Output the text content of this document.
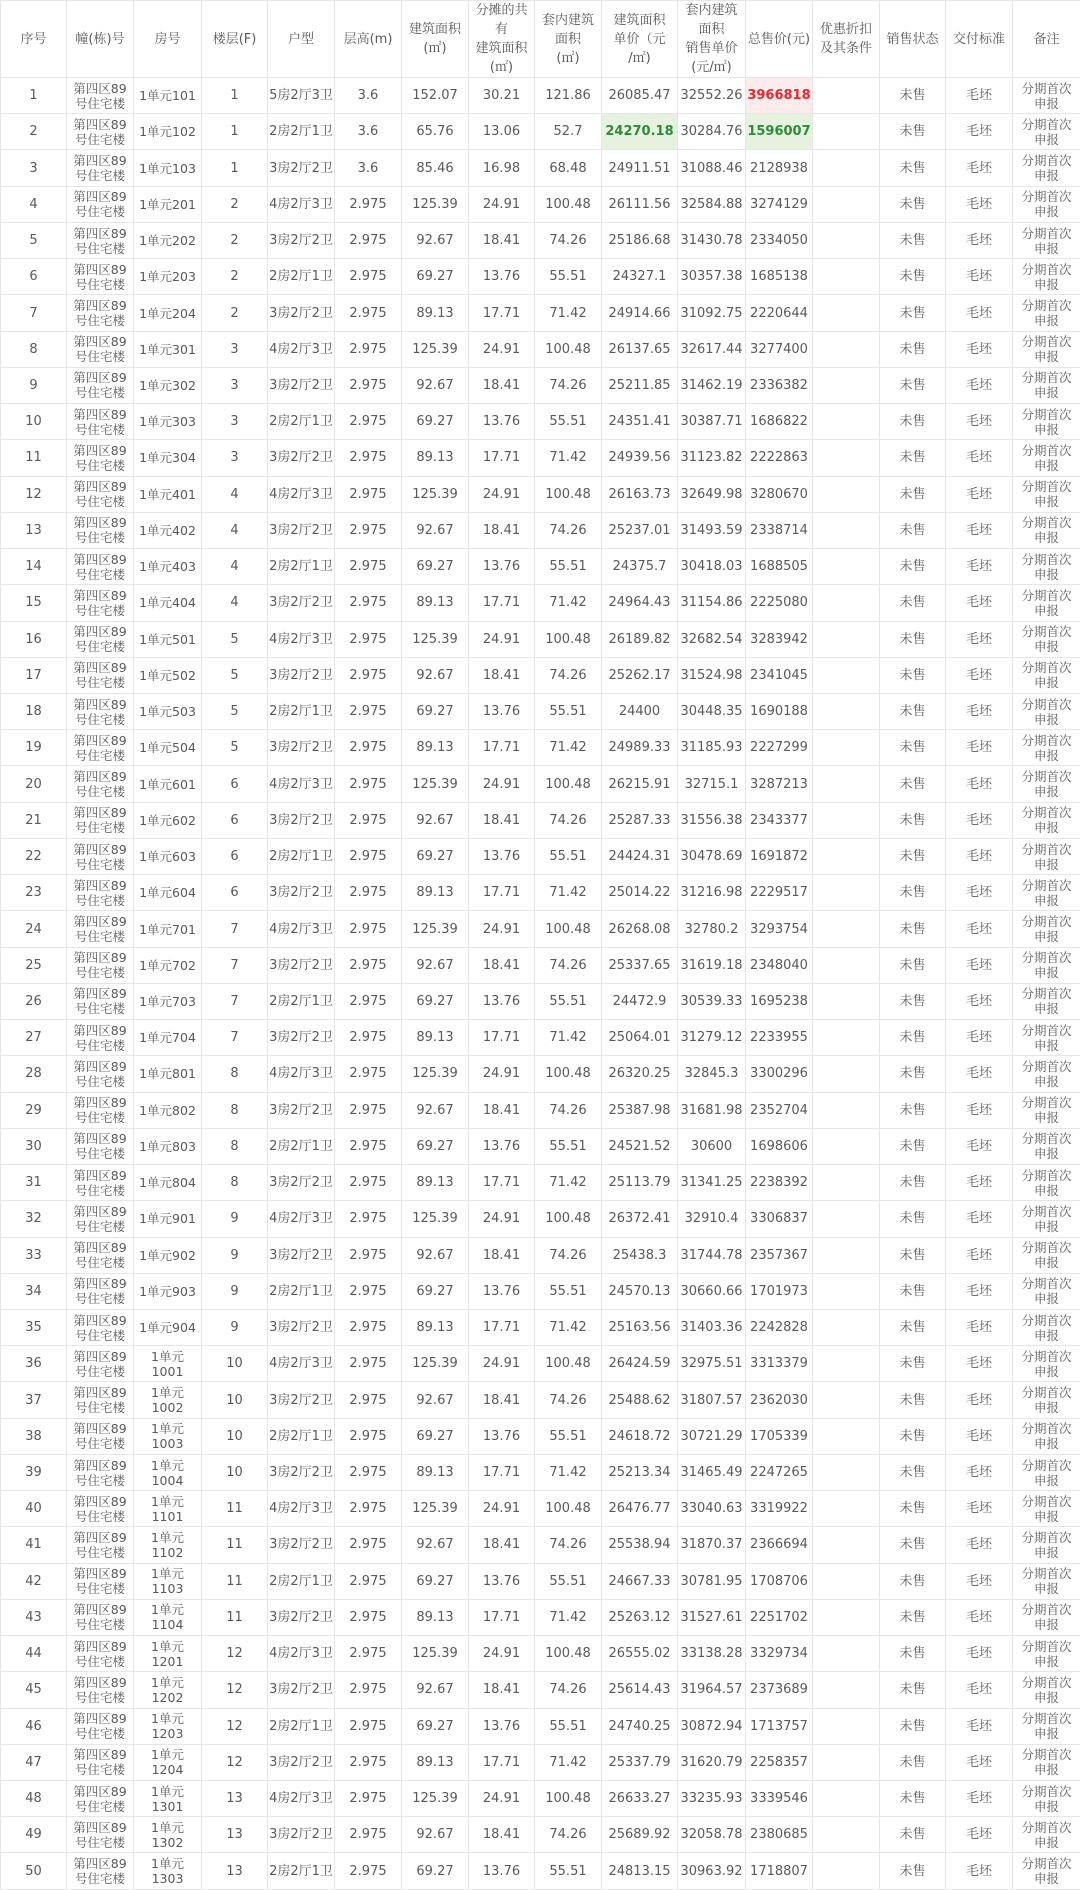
序号	幢(栋)号	房号	楼层(F)	户型	层高(m)	建筑面积
(㎡)	分摊的共
有
建筑面积
(㎡)	套内建筑
面积
(㎡)	建筑面积
单价（元
/㎡)	套内建筑
面积
销售单价
(元/㎡)	总售价(元)	优惠折扣
及其条件	销售状态	交付标准	备注
1	第四区89
号住宅楼	1单元101	1	5房2厅3卫	3.6	152.07	30.21	121.86	26085.47	32552.26	3966818		未售	毛坯	分期首次
申报
2	第四区89
号住宅楼	1单元102	1	2房2厅1卫	3.6	65.76	13.06	52.7	24270.18	30284.76	1596007		未售	毛坯	分期首次
申报
3	第四区89
号住宅楼	1单元103	1	3房2厅2卫	3.6	85.46	16.98	68.48	24911.51	31088.46	2128938		未售	毛坯	分期首次
申报
4	第四区89
号住宅楼	1单元201	2	4房2厅3卫	2.975	125.39	24.91	100.48	26111.56	32584.88	3274129		未售	毛坯	分期首次
申报
5	第四区89
号住宅楼	1单元202	2	3房2厅2卫	2.975	92.67	18.41	74.26	25186.68	31430.78	2334050		未售	毛坯	分期首次
申报
6	第四区89
号住宅楼	1单元203	2	2房2厅1卫	2.975	69.27	13.76	55.51	24327.1	30357.38	1685138		未售	毛坯	分期首次
申报
7	第四区89
号住宅楼	1单元204	2	3房2厅2卫	2.975	89.13	17.71	71.42	24914.66	31092.75	2220644		未售	毛坯	分期首次
申报
8	第四区89
号住宅楼	1单元301	3	4房2厅3卫	2.975	125.39	24.91	100.48	26137.65	32617.44	3277400		未售	毛坯	分期首次
申报
9	第四区89
号住宅楼	1单元302	3	3房2厅2卫	2.975	92.67	18.41	74.26	25211.85	31462.19	2336382		未售	毛坯	分期首次
申报
10	第四区89
号住宅楼	1单元303	3	2房2厅1卫	2.975	69.27	13.76	55.51	24351.41	30387.71	1686822		未售	毛坯	分期首次
申报
11	第四区89
号住宅楼	1单元304	3	3房2厅2卫	2.975	89.13	17.71	71.42	24939.56	31123.82	2222863		未售	毛坯	分期首次
申报
12	第四区89
号住宅楼	1单元401	4	4房2厅3卫	2.975	125.39	24.91	100.48	26163.73	32649.98	3280670		未售	毛坯	分期首次
申报
13	第四区89
号住宅楼	1单元402	4	3房2厅2卫	2.975	92.67	18.41	74.26	25237.01	31493.59	2338714		未售	毛坯	分期首次
申报
14	第四区89
号住宅楼	1单元403	4	2房2厅1卫	2.975	69.27	13.76	55.51	24375.7	30418.03	1688505		未售	毛坯	分期首次
申报
15	第四区89
号住宅楼	1单元404	4	3房2厅2卫	2.975	89.13	17.71	71.42	24964.43	31154.86	2225080		未售	毛坯	分期首次
申报
16	第四区89
号住宅楼	1单元501	5	4房2厅3卫	2.975	125.39	24.91	100.48	26189.82	32682.54	3283942		未售	毛坯	分期首次
申报
17	第四区89
号住宅楼	1单元502	5	3房2厅2卫	2.975	92.67	18.41	74.26	25262.17	31524.98	2341045		未售	毛坯	分期首次
申报
18	第四区89
号住宅楼	1单元503	5	2房2厅1卫	2.975	69.27	13.76	55.51	24400	30448.35	1690188		未售	毛坯	分期首次
申报
19	第四区89
号住宅楼	1单元504	5	3房2厅2卫	2.975	89.13	17.71	71.42	24989.33	31185.93	2227299		未售	毛坯	分期首次
申报
20	第四区89
号住宅楼	1单元601	6	4房2厅3卫	2.975	125.39	24.91	100.48	26215.91	32715.1	3287213		未售	毛坯	分期首次
申报
21	第四区89
号住宅楼	1单元602	6	3房2厅2卫	2.975	92.67	18.41	74.26	25287.33	31556.38	2343377		未售	毛坯	分期首次
申报
22	第四区89
号住宅楼	1单元603	6	2房2厅1卫	2.975	69.27	13.76	55.51	24424.31	30478.69	1691872		未售	毛坯	分期首次
申报
23	第四区89
号住宅楼	1单元604	6	3房2厅2卫	2.975	89.13	17.71	71.42	25014.22	31216.98	2229517		未售	毛坯	分期首次
申报
24	第四区89
号住宅楼	1单元701	7	4房2厅3卫	2.975	125.39	24.91	100.48	26268.08	32780.2	3293754		未售	毛坯	分期首次
申报
25	第四区89
号住宅楼	1单元702	7	3房2厅2卫	2.975	92.67	18.41	74.26	25337.65	31619.18	2348040		未售	毛坯	分期首次
申报
26	第四区89
号住宅楼	1单元703	7	2房2厅1卫	2.975	69.27	13.76	55.51	24472.9	30539.33	1695238		未售	毛坯	分期首次
申报
27	第四区89
号住宅楼	1单元704	7	3房2厅2卫	2.975	89.13	17.71	71.42	25064.01	31279.12	2233955		未售	毛坯	分期首次
申报
28	第四区89
号住宅楼	1单元801	8	4房2厅3卫	2.975	125.39	24.91	100.48	26320.25	32845.3	3300296		未售	毛坯	分期首次
申报
29	第四区89
号住宅楼	1单元802	8	3房2厅2卫	2.975	92.67	18.41	74.26	25387.98	31681.98	2352704		未售	毛坯	分期首次
申报
30	第四区89
号住宅楼	1单元803	8	2房2厅1卫	2.975	69.27	13.76	55.51	24521.52	30600	1698606		未售	毛坯	分期首次
申报
31	第四区89
号住宅楼	1单元804	8	3房2厅2卫	2.975	89.13	17.71	71.42	25113.79	31341.25	2238392		未售	毛坯	分期首次
申报
32	第四区89
号住宅楼	1单元901	9	4房2厅3卫	2.975	125.39	24.91	100.48	26372.41	32910.4	3306837		未售	毛坯	分期首次
申报
33	第四区89
号住宅楼	1单元902	9	3房2厅2卫	2.975	92.67	18.41	74.26	25438.3	31744.78	2357367		未售	毛坯	分期首次
申报
34	第四区89
号住宅楼	1单元903	9	2房2厅1卫	2.975	69.27	13.76	55.51	24570.13	30660.66	1701973		未售	毛坯	分期首次
申报
35	第四区89
号住宅楼	1单元904	9	3房2厅2卫	2.975	89.13	17.71	71.42	25163.56	31403.36	2242828		未售	毛坯	分期首次
申报
36	第四区89
号住宅楼	1单元
1001	10	4房2厅3卫	2.975	125.39	24.91	100.48	26424.59	32975.51	3313379		未售	毛坯	分期首次
申报
37	第四区89
号住宅楼	1单元
1002	10	3房2厅2卫	2.975	92.67	18.41	74.26	25488.62	31807.57	2362030		未售	毛坯	分期首次
申报
38	第四区89
号住宅楼	1单元
1003	10	2房2厅1卫	2.975	69.27	13.76	55.51	24618.72	30721.29	1705339		未售	毛坯	分期首次
申报
39	第四区89
号住宅楼	1单元
1004	10	3房2厅2卫	2.975	89.13	17.71	71.42	25213.34	31465.49	2247265		未售	毛坯	分期首次
申报
40	第四区89
号住宅楼	1单元
1101	11	4房2厅3卫	2.975	125.39	24.91	100.48	26476.77	33040.63	3319922		未售	毛坯	分期首次
申报
41	第四区89
号住宅楼	1单元
1102	11	3房2厅2卫	2.975	92.67	18.41	74.26	25538.94	31870.37	2366694		未售	毛坯	分期首次
申报
42	第四区89
号住宅楼	1单元
1103	11	2房2厅1卫	2.975	69.27	13.76	55.51	24667.33	30781.95	1708706		未售	毛坯	分期首次
申报
43	第四区89
号住宅楼	1单元
1104	11	3房2厅2卫	2.975	89.13	17.71	71.42	25263.12	31527.61	2251702		未售	毛坯	分期首次
申报
44	第四区89
号住宅楼	1单元
1201	12	4房2厅3卫	2.975	125.39	24.91	100.48	26555.02	33138.28	3329734		未售	毛坯	分期首次
申报
45	第四区89
号住宅楼	1单元
1202	12	3房2厅2卫	2.975	92.67	18.41	74.26	25614.43	31964.57	2373689		未售	毛坯	分期首次
申报
46	第四区89
号住宅楼	1单元
1203	12	2房2厅1卫	2.975	69.27	13.76	55.51	24740.25	30872.94	1713757		未售	毛坯	分期首次
申报
47	第四区89
号住宅楼	1单元
1204	12	3房2厅2卫	2.975	89.13	17.71	71.42	25337.79	31620.79	2258357		未售	毛坯	分期首次
申报
48	第四区89
号住宅楼	1单元
1301	13	4房2厅3卫	2.975	125.39	24.91	100.48	26633.27	33235.93	3339546		未售	毛坯	分期首次
申报
49	第四区89
号住宅楼	1单元
1302	13	3房2厅2卫	2.975	92.67	18.41	74.26	25689.92	32058.78	2380685		未售	毛坯	分期首次
申报
50	第四区89
号住宅楼	1单元
1303	13	2房2厅1卫	2.975	69.27	13.76	55.51	24813.15	30963.92	1718807		未售	毛坯	分期首次
申报
